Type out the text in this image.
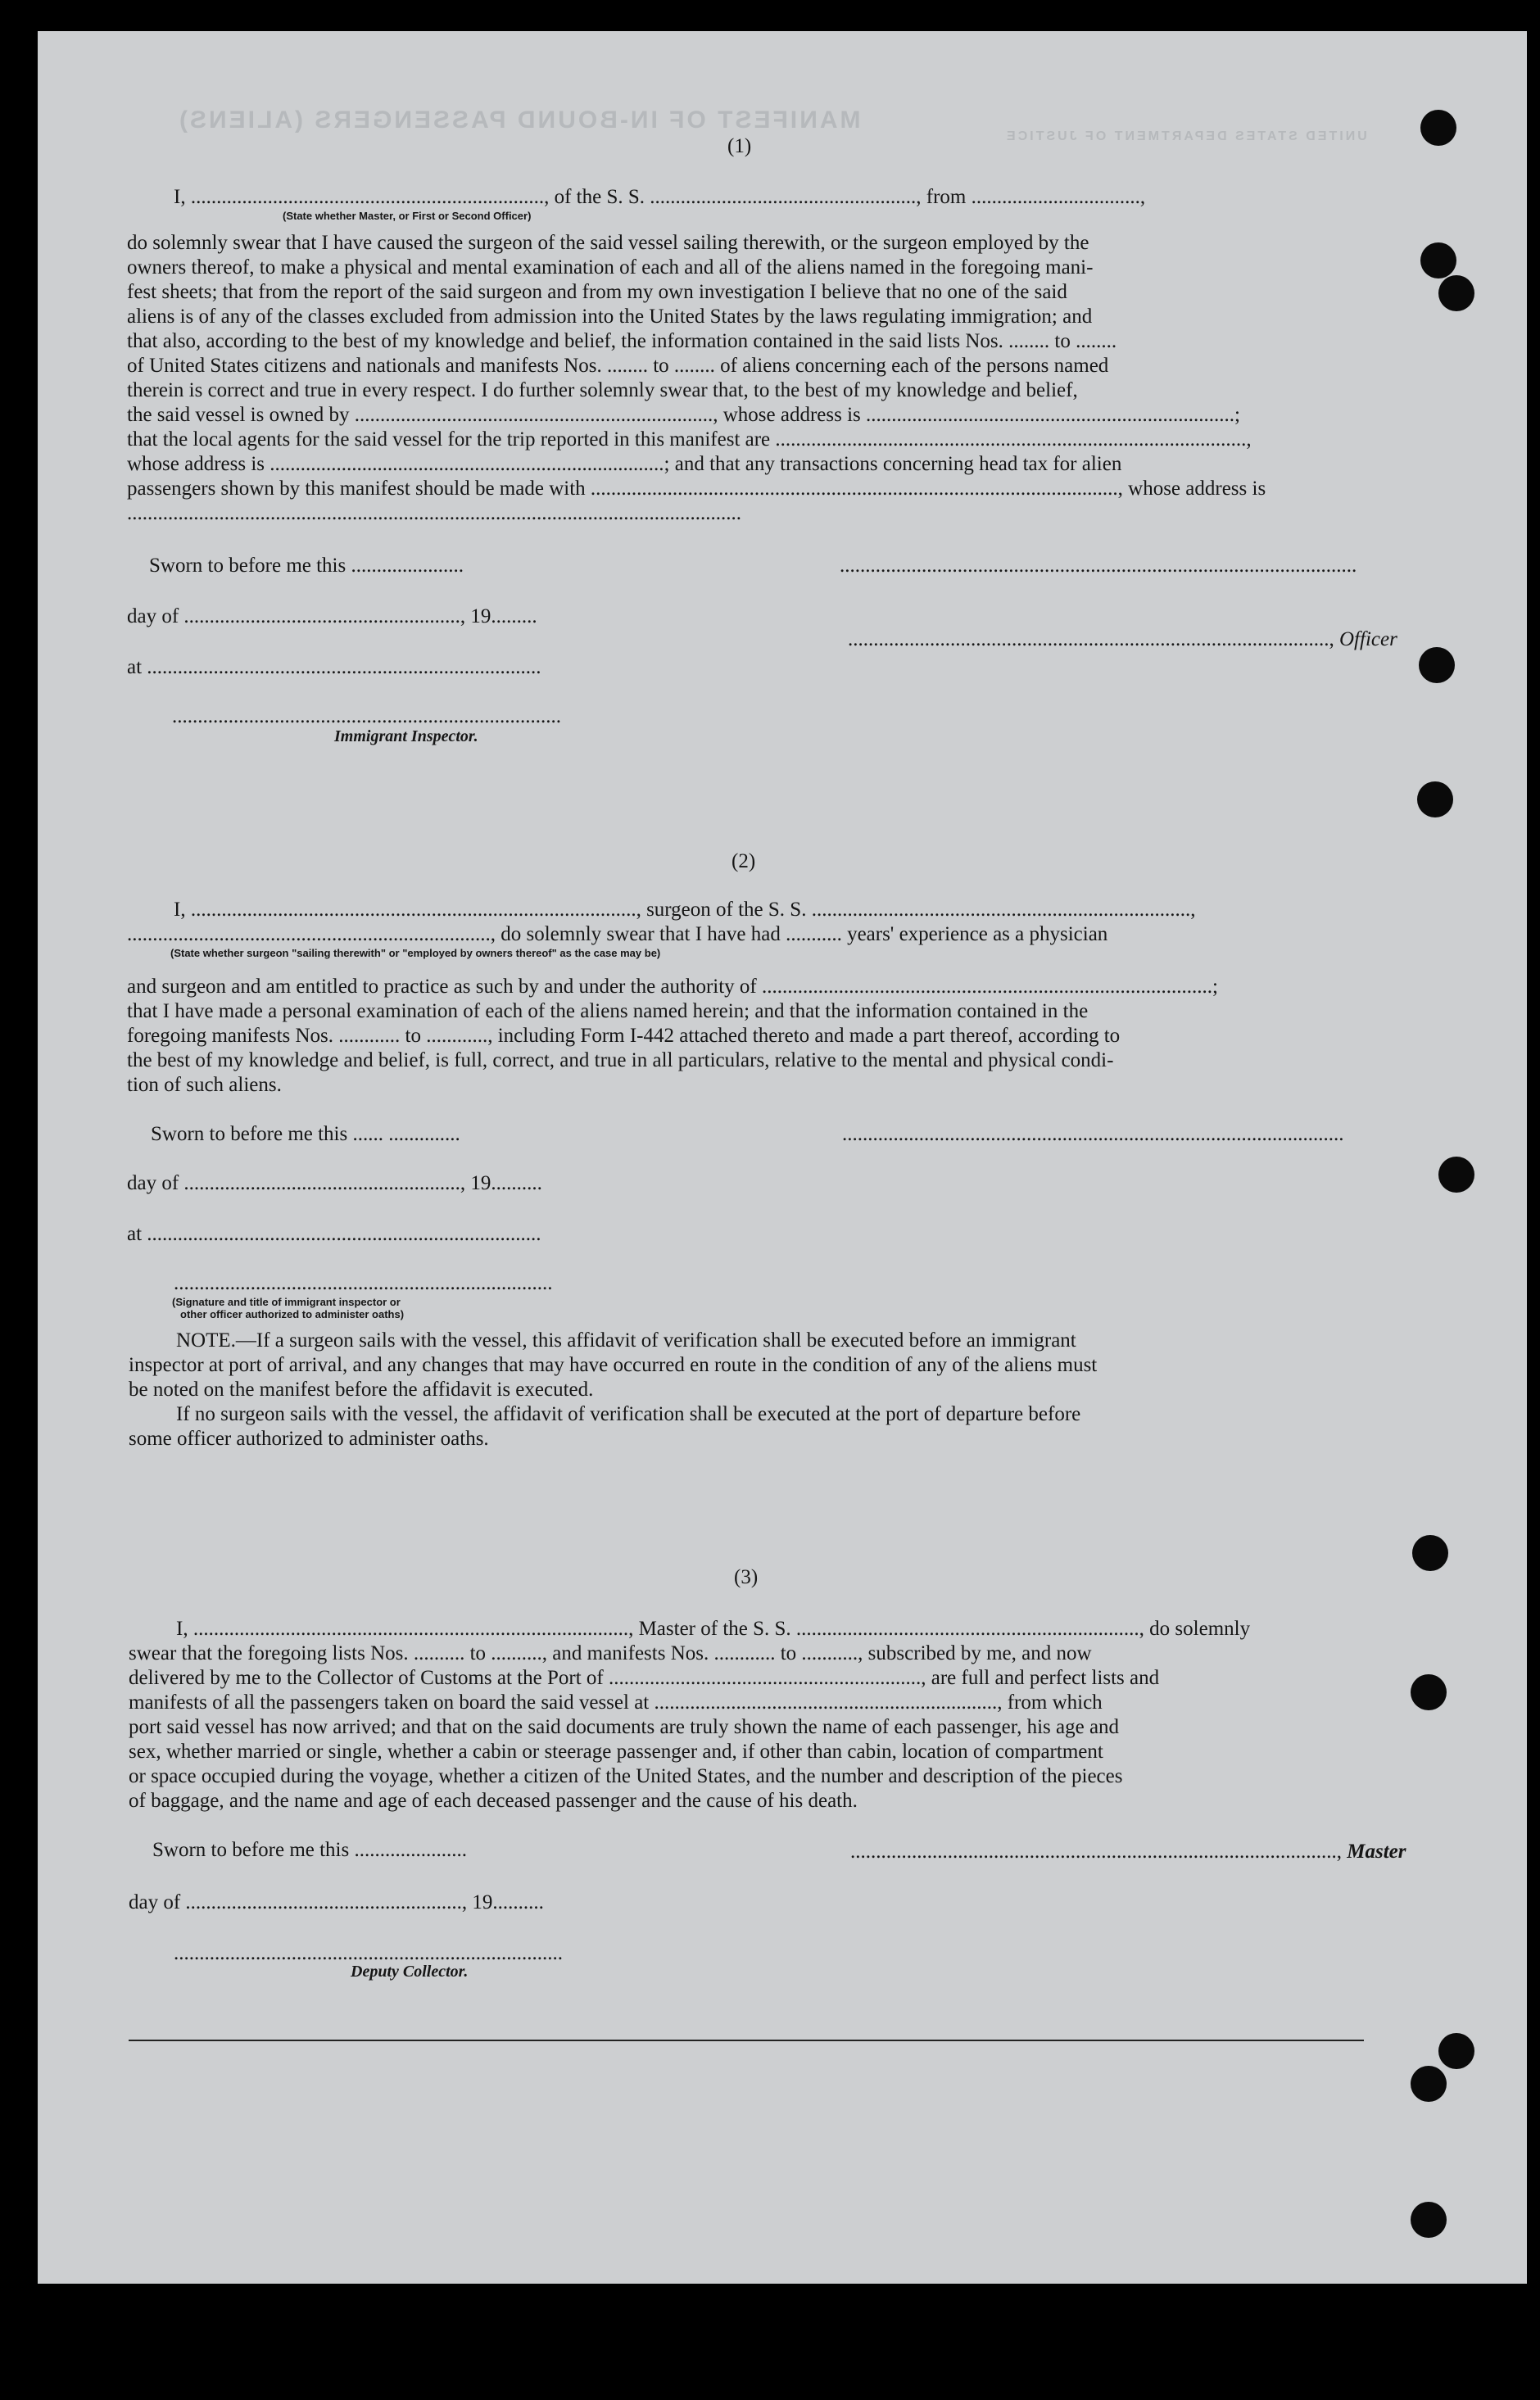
MANIFEST OF IN-BOUND PASSENGERS (ALIENS)
UNITED STATES DEPARTMENT OF JUSTICE
(1)
I, ....................................................................., of the S. S. ...................................................., from .................................,
(State whether Master, or First or Second Officer)
do solemnly swear that I have caused the surgeon of the said vessel sailing therewith, or the surgeon employed by the
owners thereof, to make a physical and mental examination of each and all of the aliens named in the foregoing mani-
fest sheets; that from the report of the said surgeon and from my own investigation I believe that no one of the said
aliens is of any of the classes excluded from admission into the United States by the laws regulating immigration; and
that also, according to the best of my knowledge and belief, the information contained in the said lists Nos. ........ to ........
of United States citizens and nationals and manifests Nos. ........ to ........ of aliens concerning each of the persons named
therein is correct and true in every respect. I do further solemnly swear that, to the best of my knowledge and belief,
the said vessel is owned by ......................................................................, whose address is ........................................................................;
that the local agents for the said vessel for the trip reported in this manifest are ............................................................................................,
whose address is .............................................................................; and that any transactions concerning head tax for alien
passengers shown by this manifest should be made with ......................................................................................................., whose address is
........................................................................................................................
Sworn to before me this ......................	.....................................................................................................
day of ......................................................, 19.........
.............................................................................................., Officer
at .............................................................................
............................................................................
Immigrant Inspector.
(2)
I, ......................................................................................., surgeon of the S. S. ..........................................................................,
......................................................................., do solemnly swear that I have had ........... years' experience as a physician
(State whether surgeon "sailing therewith" or "employed by owners thereof" as the case may be)
and surgeon and am entitled to practice as such by and under the authority of ........................................................................................;
that I have made a personal examination of each of the aliens named herein; and that the information contained in the
foregoing manifests Nos. ............ to ............, including Form I-442 attached thereto and made a part thereof, according to
the best of my knowledge and belief, is full, correct, and true in all particulars, relative to the mental and physical condi-
tion of such aliens.
Sworn to before me this ...... ..............	..................................................................................................
day of ......................................................, 19..........
at .............................................................................
..........................................................................
(Signature and title of immigrant inspector or
other officer authorized to administer oaths)
NOTE.—If a surgeon sails with the vessel, this affidavit of verification shall be executed before an immigrant
inspector at port of arrival, and any changes that may have occurred en route in the condition of any of the aliens must
be noted on the manifest before the affidavit is executed.
If no surgeon sails with the vessel, the affidavit of verification shall be executed at the port of departure before
some officer authorized to administer oaths.
(3)
I, ....................................................................................., Master of the S. S. ..................................................................., do solemnly
swear that the foregoing lists Nos. .......... to .........., and manifests Nos. ............ to ..........., subscribed by me, and now
delivered by me to the Collector of Customs at the Port of ............................................................., are full and perfect lists and
manifests of all the passengers taken on board the said vessel at ..................................................................., from which
port said vessel has now arrived; and that on the said documents are truly shown the name of each passenger, his age and
sex, whether married or single, whether a cabin or steerage passenger and, if other than cabin, location of compartment
or space occupied during the voyage, whether a citizen of the United States, and the number and description of the pieces
of baggage, and the name and age of each deceased passenger and the cause of his death.
Sworn to before me this ......................	..............................................................................................., Master
day of ......................................................, 19..........
............................................................................
Deputy Collector.
